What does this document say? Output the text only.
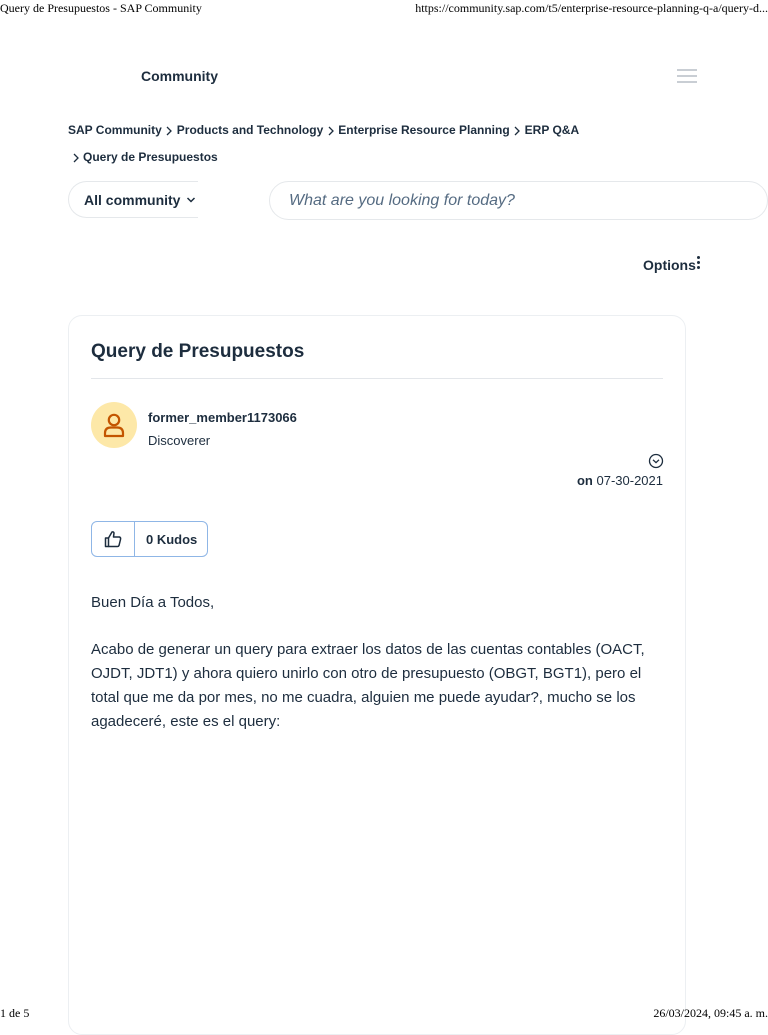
Query de Presupuestos - SAP Community	https://community.sap.com/t5/enterprise-resource-planning-q-a/query-d...
Community
SAP Community Products and Technology Enterprise Resource Planning ERP Q&A
Query de Presupuestos
All community
What are you looking for today?
Options
Query de Presupuestos
former_member1173066
Discoverer
on 07-30-2021
0 Kudos

Buen Día a Todos,

Acabo de generar un query para extraer los datos de las cuentas contables (OACT, OJDT, JDT1) y ahora quiero unirlo con otro de presupuesto (OBGT, BGT1), pero el total que me da por mes, no me cuadra, alguien me puede ayudar?, mucho se los agadeceré, este es el query:

1 de 5	26/03/2024, 09:45 a. m.
